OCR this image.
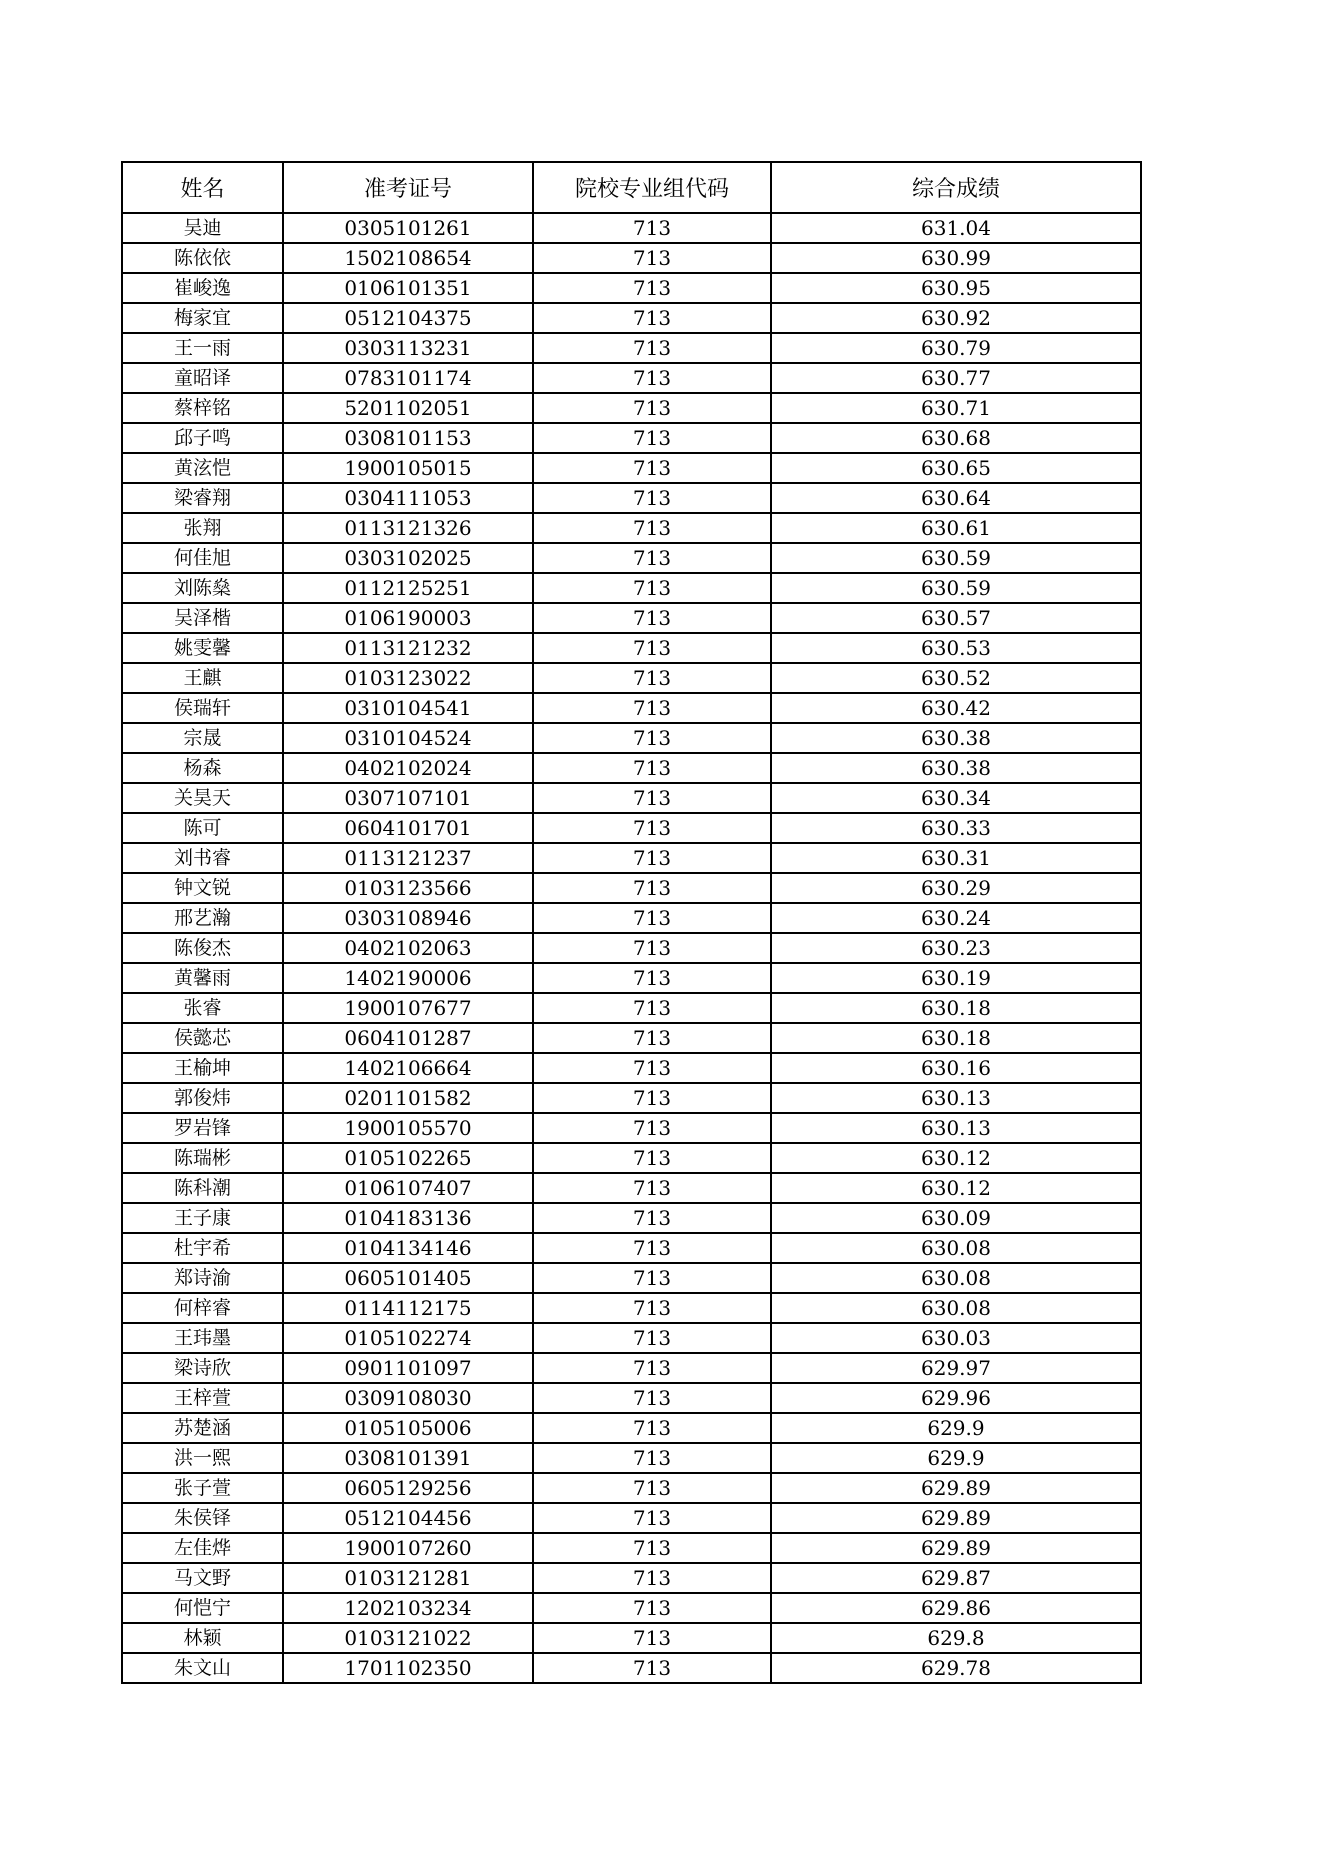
姓名	准考证号	院校专业组代码	综合成绩
吴迪	0305101261	713	631.04
陈依依	1502108654	713	630.99
崔峻逸	0106101351	713	630.95
梅家宜	0512104375	713	630.92
王一雨	0303113231	713	630.79
童昭译	0783101174	713	630.77
蔡梓铭	5201102051	713	630.71
邱子鸣	0308101153	713	630.68
黄泫恺	1900105015	713	630.65
梁睿翔	0304111053	713	630.64
张翔	0113121326	713	630.61
何佳旭	0303102025	713	630.59
刘陈燊	0112125251	713	630.59
吴泽楷	0106190003	713	630.57
姚雯馨	0113121232	713	630.53
王麒	0103123022	713	630.52
侯瑞轩	0310104541	713	630.42
宗晟	0310104524	713	630.38
杨森	0402102024	713	630.38
关昊天	0307107101	713	630.34
陈可	0604101701	713	630.33
刘书睿	0113121237	713	630.31
钟文锐	0103123566	713	630.29
邢艺瀚	0303108946	713	630.24
陈俊杰	0402102063	713	630.23
黄馨雨	1402190006	713	630.19
张睿	1900107677	713	630.18
侯懿芯	0604101287	713	630.18
王榆坤	1402106664	713	630.16
郭俊炜	0201101582	713	630.13
罗岩锋	1900105570	713	630.13
陈瑞彬	0105102265	713	630.12
陈科潮	0106107407	713	630.12
王子康	0104183136	713	630.09
杜宇希	0104134146	713	630.08
郑诗渝	0605101405	713	630.08
何梓睿	0114112175	713	630.08
王玮墨	0105102274	713	630.03
梁诗欣	0901101097	713	629.97
王梓萱	0309108030	713	629.96
苏楚涵	0105105006	713	629.9
洪一熙	0308101391	713	629.9
张子萱	0605129256	713	629.89
朱侯铎	0512104456	713	629.89
左佳烨	1900107260	713	629.89
马文野	0103121281	713	629.87
何恺宁	1202103234	713	629.86
林颖	0103121022	713	629.8
朱文山	1701102350	713	629.78
